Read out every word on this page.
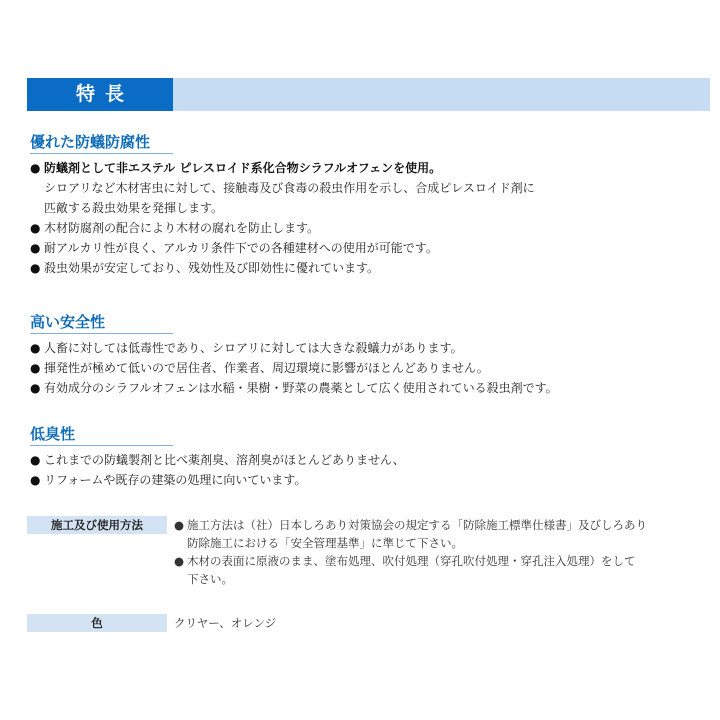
特長
優れた防蟻防腐性
● 防蟻剤として非エステル ピレスロイド系化合物シラフルオフェンを使用。
シロアリなど木材害虫に対して、接触毒及び食毒の殺虫作用を示し、合成ピレスロイド剤に
匹敵する殺虫効果を発揮します。
● 木材防腐剤の配合により木材の腐れを防止します。
● 耐アルカリ性が良く、アルカリ条件下での各種建材への使用が可能です。
● 殺虫効果が安定しており、残効性及び即効性に優れています。
高い安全性
● 人畜に対しては低毒性であり、シロアリに対しては大きな殺蟻力があります。
● 揮発性が極めて低いので居住者、作業者、周辺環境に影響がほとんどありません。
● 有効成分のシラフルオフェンは水稲・果樹・野菜の農薬として広く使用されている殺虫剤です。
低臭性
● これまでの防蟻製剤と比べ薬剤臭、溶剤臭がほとんどありません、
● リフォームや既存の建築の処理に向いています。
施工及び使用方法	● 施工方法は（社）日本しろあり対策協会の規定する「防除施工標準仕様書」及びしろあり
防除施工における「安全管理基準」に準じて下さい。
● 木材の表面に原液のまま、塗布処理、吹付処理（穿孔吹付処理・穿孔注入処理）をして
下さい。
色	クリヤー、オレンジ
